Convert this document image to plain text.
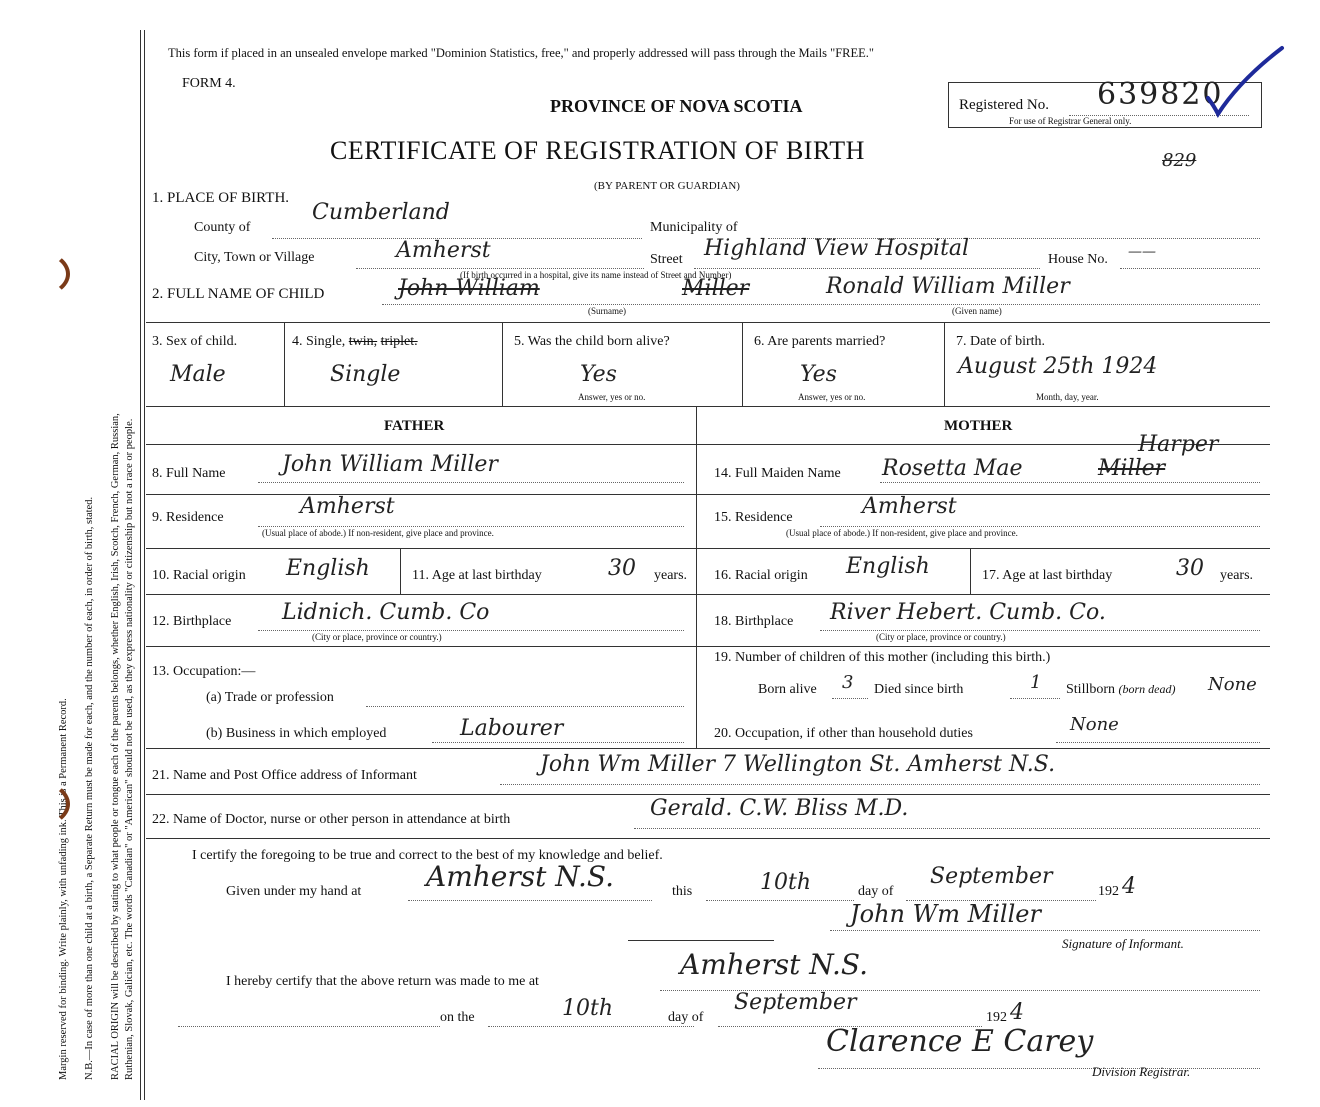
Margin reserved for binding. Write plainly, with unfading ink. This is a Permanent Record. N.B.—In case of more than one child at a birth, a Separate Return must be made for each, and the number of each, in order of birth, stated. RACIAL ORIGIN will be described by stating to what people or tongue each of the parents belongs, whether English, Irish, Scotch, French, German, Russian, Ruthenian, Slovak, Galician, etc. The words "Canadian" or "American" should not be used, as they express nationality or citizenship but not a race or people.
This form if placed in an unsealed envelope marked "Dominion Statistics, free," and properly addressed will pass through the Mails "FREE."
FORM 4.
PROVINCE OF NOVA SCOTIA	Registered No. 639820
For use of Registrar General only.
CERTIFICATE OF REGISTRATION OF BIRTH	829
(BY PARENT OR GUARDIAN)
1. PLACE OF BIRTH.
County of
Cumberland
Municipality of
City, Town or Village	Amherst	Street Highland View Hospital	House No. ——
(If birth occurred in a hospital, give its name instead of Street and Number)
2. FULL NAME OF CHILD	John William	Miller	Ronald William Miller
(Surname)	(Given name)
3. Sex of child.
Male
4. Single, twin, triplet.
Single
5. Was the child born alive?
Yes
Answer, yes or no.
6. Are parents married?
Yes
Answer, yes or no.
7. Date of birth.
August 25th 1924
Month, day, year.
FATHER	MOTHER
8. Full Name	John William Miller
9. Residence	Amherst
(Usual place of abode.) If non-resident, give place and province.
10. Racial origin English	11. Age at last birthday	30 years.
12. Birthplace Lidnich. Cumb. Co
(City or place, province or country.)
13. Occupation:—
(a) Trade or profession
(b) Business in which employed	Labourer
14. Full Maiden Name Rosetta Mae	Miller
Harper
15. Residence	Amherst
(Usual place of abode.) If non-resident, give place and province.
16. Racial origin English	17. Age at last birthday	30 years.
18. Birthplace River Hebert. Cumb. Co.
(City or place, province or country.)
19. Number of children of this mother (including this birth.)
Born alive 3 Died since birth	1 Stillborn (born dead) None
20. Occupation, if other than household duties	None
21. Name and Post Office address of Informant	John Wm Miller 7 Wellington St. Amherst N.S.
22. Name of Doctor, nurse or other person in attendance at birth	Gerald. C.W. Bliss M.D.
I certify the foregoing to be true and correct to the best of my knowledge and belief.
Given under my hand at Amherst N.S.	this	10th	day of
September
192 4
John Wm Miller
Signature of Informant.
I hereby certify that the above return was made to me at
Amherst N.S.
on the	10th	day of
September
192 4
Clarence E Carey
Division Registrar.
